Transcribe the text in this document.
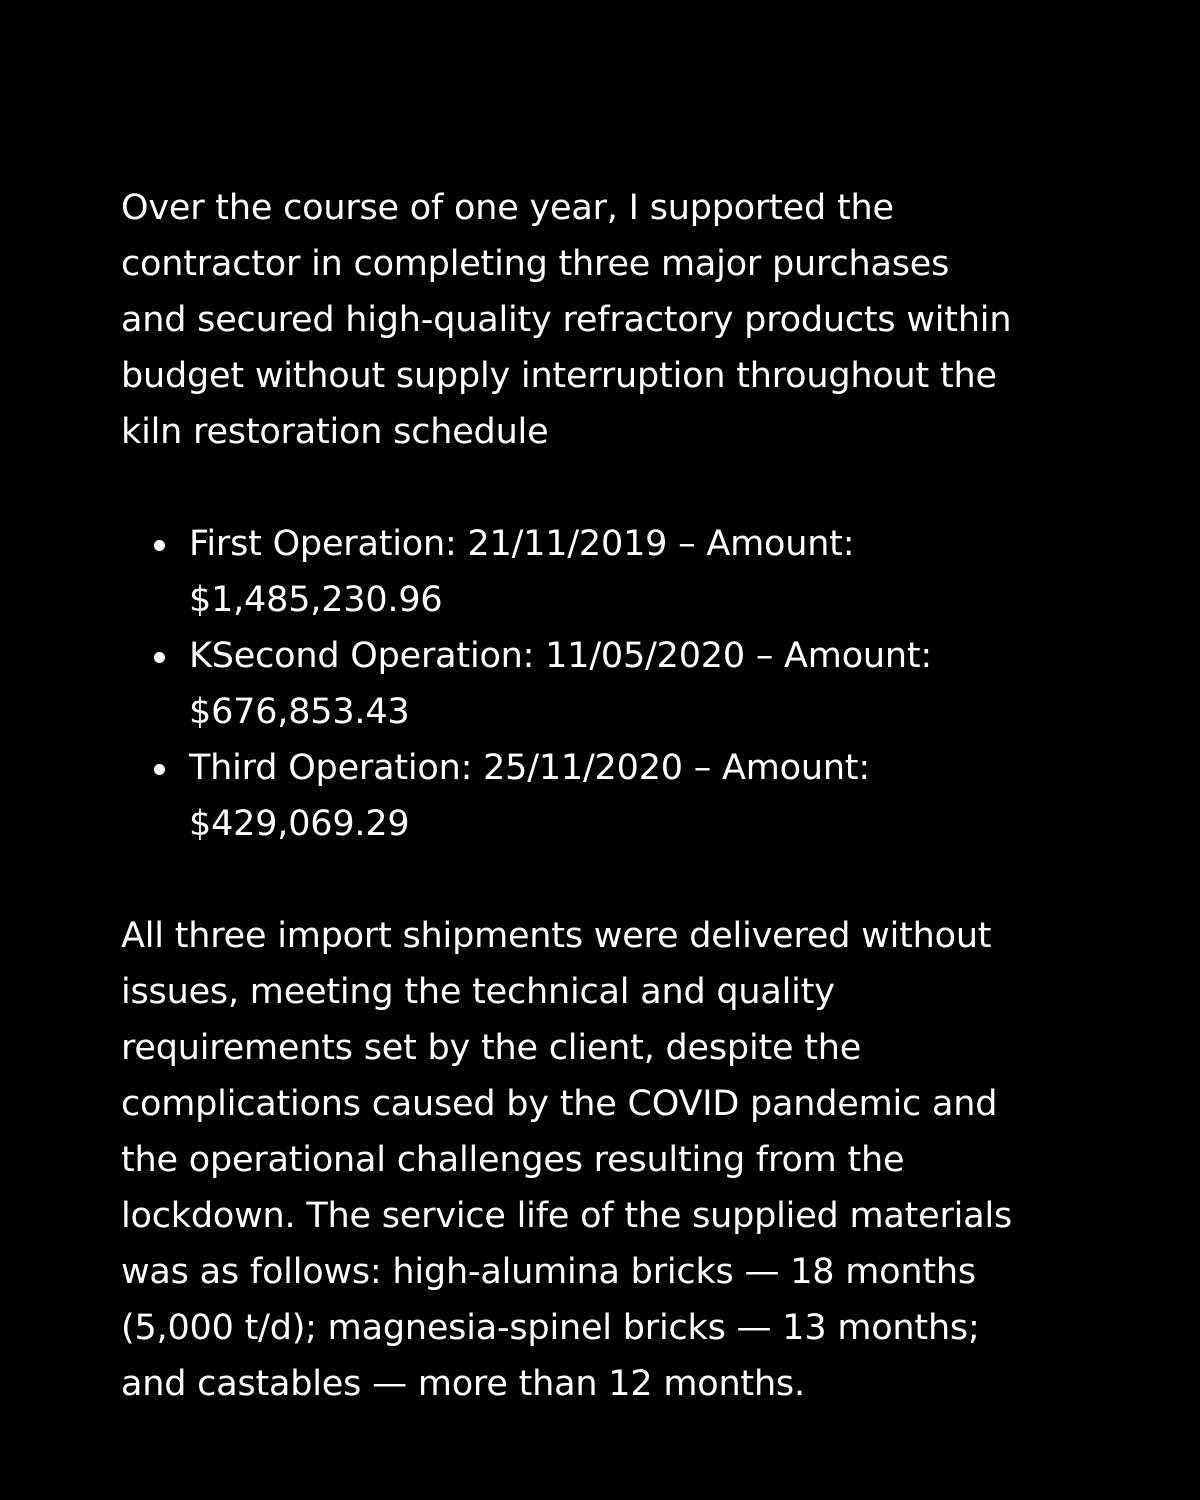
Over the course of one year, I supported the
contractor in completing three major purchases
and secured high-quality refractory products within
budget without supply interruption throughout the
kiln restoration schedule
First Operation: 21/11/2019 – Amount:
$1,485,230.96
KSecond Operation: 11/05/2020 – Amount:
$676,853.43
Third Operation: 25/11/2020 – Amount:
$429,069.29
All three import shipments were delivered without
issues, meeting the technical and quality
requirements set by the client, despite the
complications caused by the COVID pandemic and
the operational challenges resulting from the
lockdown. The service life of the supplied materials
was as follows: high-alumina bricks — 18 months
(5,000 t/d); magnesia-spinel bricks — 13 months;
and castables — more than 12 months.
